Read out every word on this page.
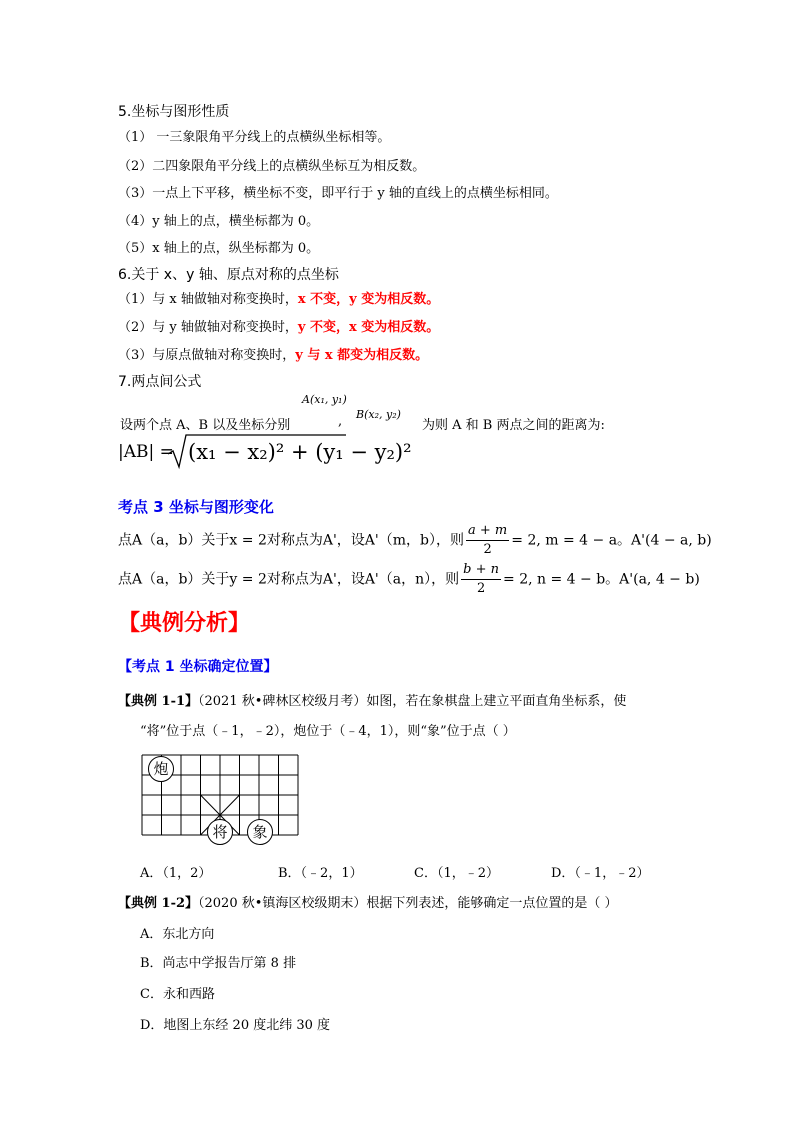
5.坐标与图形性质
（1） 一三象限角平分线上的点横纵坐标相等。
（2）二四象限角平分线上的点横纵坐标互为相反数。
（3）一点上下平移，横坐标不变，即平行于 y 轴的直线上的点横坐标相同。
（4）y 轴上的点，横坐标都为 0。
（5）x 轴上的点，纵坐标都为 0。
6.关于 x、y 轴、原点对称的点坐标
（1）与 x 轴做轴对称变换时，x 不变，y 变为相反数。
（2）与 y 轴做轴对称变换时，y 不变，x 变为相反数。
（3）与原点做轴对称变换时，y 与 x 都变为相反数。
7.两点间公式
设两个点 A、B 以及坐标分别
A(x₁, y₁)
, B(x₂, y₂)
为则 A 和 B 两点之间的距离为:
|AB| = (x₁ − x₂)² + (y₁ − y₂)²
考点 3 坐标与图形变化
点A（a，b）关于x = 2对称点为A'，设A'（m，b），则 $\frac{a + m}{2} = 2$, m = 4 − a。A'(4 − a, b)
点A（a，b）关于y = 2对称点为A'，设A'（a，n），则 $\frac{b + n}{2} = 2$, n = 4 − b。A'(a, 4 − b)
【典例分析】
【考点 1 坐标确定位置】
【典例 1-1】（2021 秋•碑林区校级月考）如图，若在象棋盘上建立平面直角坐标系，使
“将”位于点（﹣1，﹣2），炮位于（﹣4，1），则“象”位于点（ ）
炮
将	象
A．（1，2）	B．（﹣2，1）	C．（1，﹣2）	D．（﹣1，﹣2）
【典例 1-2】（2020 秋•镇海区校级期末）根据下列表述，能够确定一点位置的是（ ）
A．东北方向
B．尚志中学报告厅第 8 排
C．永和西路
D．地图上东经 20 度北纬 30 度
